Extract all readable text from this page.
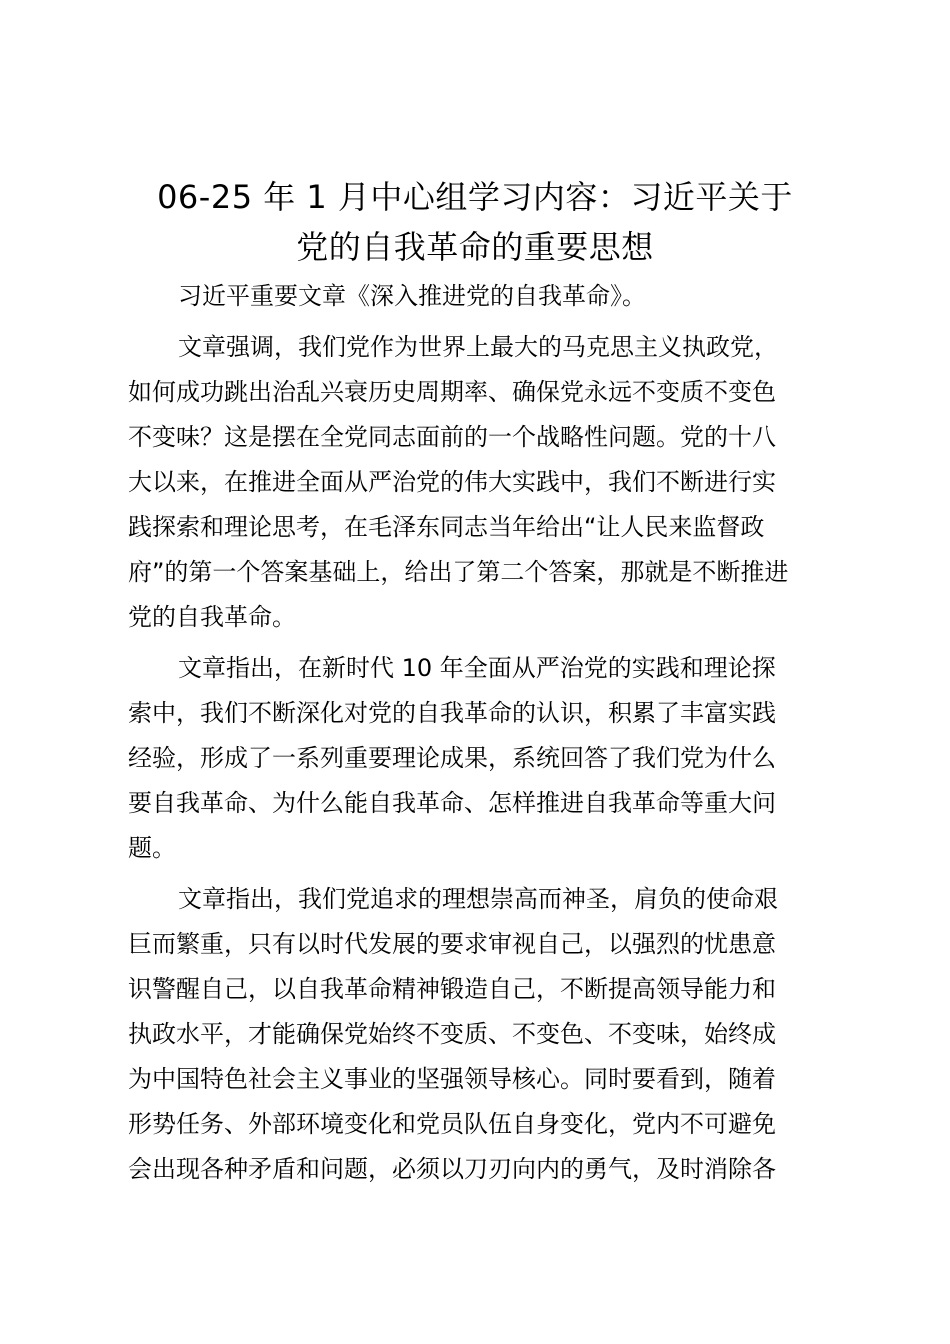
06-25 年 1 月中心组学习内容：习近平关于
党的自我革命的重要思想

习近平重要文章《深入推进党的自我革命》。

文章强调，我们党作为世界上最大的马克思主义执政党，
如何成功跳出治乱兴衰历史周期率、确保党永远不变质不变色
不变味？这是摆在全党同志面前的一个战略性问题。党的十八
大以来，在推进全面从严治党的伟大实践中，我们不断进行实
践探索和理论思考，在毛泽东同志当年给出“让人民来监督政
府”的第一个答案基础上，给出了第二个答案，那就是不断推进
党的自我革命。

文章指出，在新时代 10 年全面从严治党的实践和理论探
索中，我们不断深化对党的自我革命的认识，积累了丰富实践
经验，形成了一系列重要理论成果，系统回答了我们党为什么
要自我革命、为什么能自我革命、怎样推进自我革命等重大问
题。

文章指出，我们党追求的理想崇高而神圣，肩负的使命艰
巨而繁重，只有以时代发展的要求审视自己，以强烈的忧患意
识警醒自己，以自我革命精神锻造自己，不断提高领导能力和
执政水平，才能确保党始终不变质、不变色、不变味，始终成
为中国特色社会主义事业的坚强领导核心。同时要看到，随着
形势任务、外部环境变化和党员队伍自身变化，党内不可避免
会出现各种矛盾和问题，必须以刀刃向内的勇气，及时消除各
